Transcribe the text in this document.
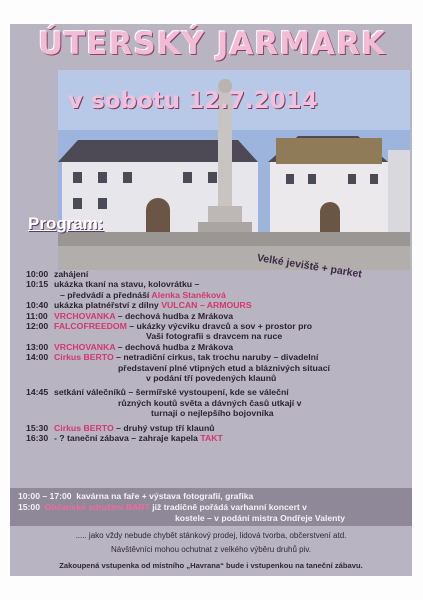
ÚTERSKÝ JARMARK
v sobotu 12.7.2014
Program:
Velké jeviště + parket
10:00 zahájení
10:15 ukázka tkaní na stavu, kolovrátku –
– předvádí a přednáší Alenka Staněková
10:40 ukázka platnéřství z dílny VULCAN – ARMOURS
11:00 VRCHOVANKA – dechová hudba z Mrákova
12:00 FALCOFREEDOM – ukázky výcviku dravců a sov + prostor pro
Vaši fotografii s dravcem na ruce
13:00 VRCHOVANKA – dechová hudba z Mrákova
14:00 Cirkus BERTO – netradiční cirkus, tak trochu naruby – divadelní
představení plné vtipných etud a bláznivých situací
v podání tří povedených klaunů
14:45 setkání válečníků – šermířské vystoupení, kde se váleční
různých koutů světa a dávných časů utkají v
turnaji o nejlepšího bojovníka
15:30 Cirkus BERTO – druhý vstup tří klaunů
16:30 - ? taneční zábava – zahraje kapela TAKT
10:00 – 17:00 kavárna na faře + výstava fotografií, grafika
15:00 Občanské sdružení BART již tradičně pořádá varhanní koncert v
kostele – v podání mistra Ondřeje Valenty
..... jako vždy nebude chybět stánkový prodej, lidová tvorba, občerstvení atd.
Návštěvníci mohou ochutnat z velkého výběru druhů piv.
Zakoupená vstupenka od místního „Havrana“ bude i vstupenkou na taneční zábavu.
